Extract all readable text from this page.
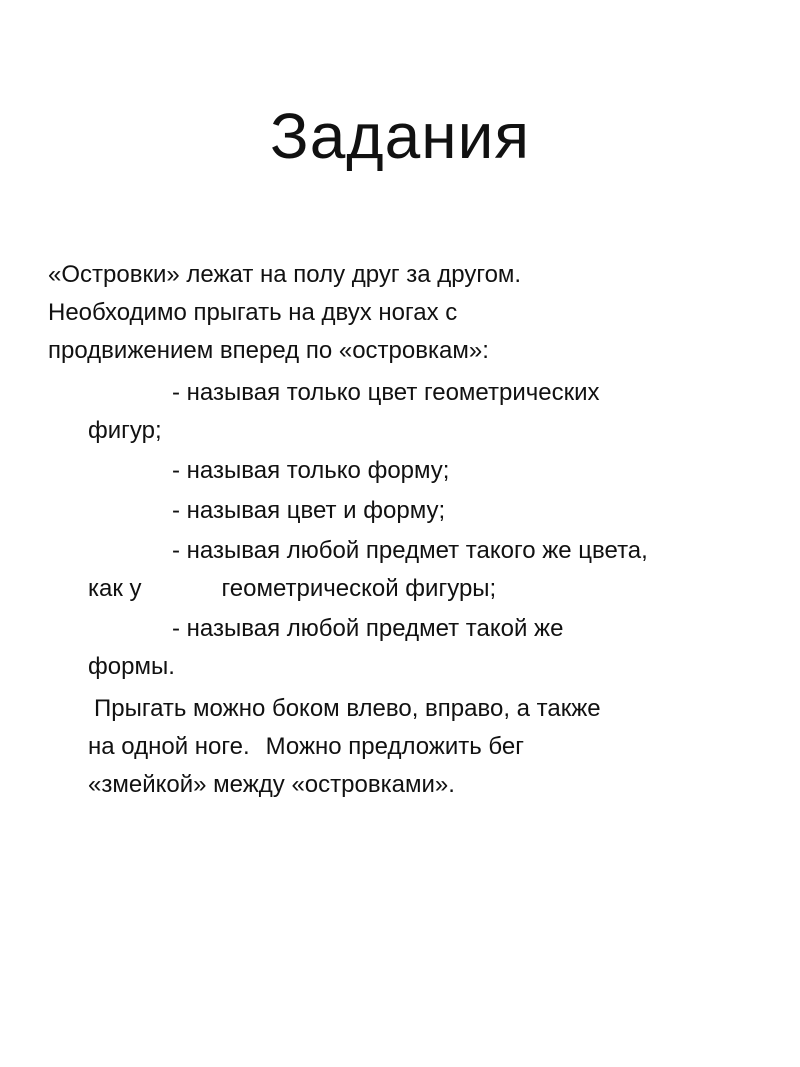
Задания

«Островки» лежат на полу друг за другом.
Необходимо прыгать на двух ногах с
продвижением вперед по «островкам»:

- называя только цвет геометрических
фигур;

- называя только форму;

- называя цвет и форму;

- называя любой предмет такого же цвета,
как у	геометрической фигуры;

- называя любой предмет такой же
формы.

Прыгать можно боком влево, вправо, а также
на одной ноге. Можно предложить бег
«змейкой» между «островками».
